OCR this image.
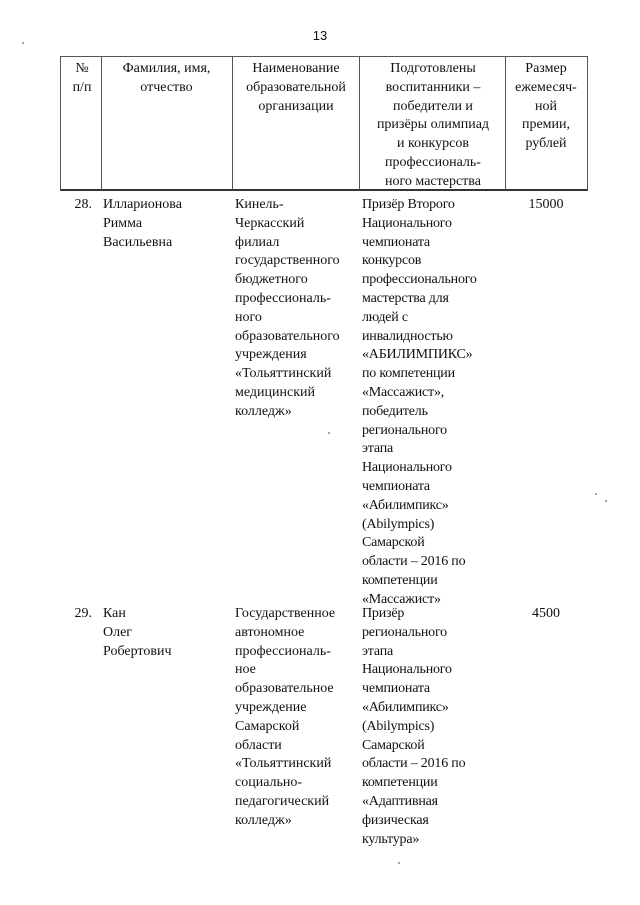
13
№
п/п
Фамилия, имя,
отчество
Наименование
образовательной
организации
Подготовлены
воспитанники –
победители и
призёры олимпиад
и конкурсов
профессиональ-
ного мастерства
Размер
ежемесяч-
ной
премии,
рублей
28. Илларионова
Римма
Васильевна
Кинель-
Черкасский
филиал
государственного
бюджетного
профессиональ-
ного
образовательного
учреждения
«Тольяттинский
медицинский
колледж»
Призёр Второго
Национального
чемпионата
конкурсов
профессионального
мастерства для
людей с
инвалидностью
«АБИЛИМПИКС»
по компетенции
«Массажист»,
победитель
регионального
этапа
Национального
чемпионата
«Абилимпикс»
(Abilympics)
Самарской
области – 2016 по
компетенции
«Массажист»
15000
29. Кан
Олег
Робертович
Государственное
автономное
профессиональ-
ное
образовательное
учреждение
Самарской
области
«Тольяттинский
социально-
педагогический
колледж»
Призёр
регионального
этапа
Национального
чемпионата
«Абилимпикс»
(Abilympics)
Самарской
области – 2016 по
компетенции
«Адаптивная
физическая
культура»
4500
